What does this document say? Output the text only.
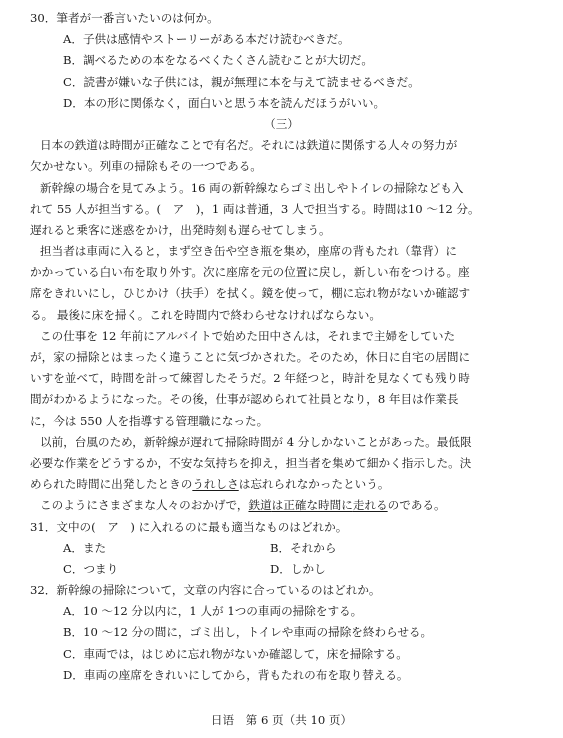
30．筆者が一番言いたいのは何か。
A．子供は感情やストーリーがある本だけ読むべきだ。
B．調べるための本をなるべくたくさん読むことが大切だ。
C．読書が嫌いな子供には，親が無理に本を与えて読ませるべきだ。
D．本の形に関係なく，面白いと思う本を読んだほうがいい。
（三）
日本の鉄道は時間が正確なことで有名だ。それには鉄道に関係する人々の努力が
欠かせない。列車の掃除もその一つである。
新幹線の場合を見てみよう。16 両の新幹線ならゴミ出しやトイレの掃除なども入
れて 55 人が担当する。(　ア　)，1 両は普通，3 人で担当する。時間は10 〜12 分。
遅れると乗客に迷惑をかけ，出発時刻も遅らせてしまう。
担当者は車両に入ると，まず空き缶や空き瓶を集め，座席の背もたれ（靠背）に
かかっている白い布を取り外す。次に座席を元の位置に戻し，新しい布をつける。座
席をきれいにし，ひじかけ（扶手）を拭く。鏡を使って，棚に忘れ物がないか確認す
る。 最後に床を掃く。これを時間内で終わらせなければならない。
この仕事を 12 年前にアルバイトで始めた田中さんは，それまで主婦をしていた
が，家の掃除とはまったく違うことに気づかされた。そのため，休日に自宅の居間に
いすを並べて，時間を計って練習したそうだ。2 年経つと，時計を見なくても残り時
間がわかるようになった。その後，仕事が認められて社員となり，8 年目は作業長
に，今は 550 人を指導する管理職になった。
以前，台風のため，新幹線が遅れて掃除時間が 4 分しかないことがあった。最低限
必要な作業をどうするか，不安な気持ちを抑え，担当者を集めて細かく指示した。決
められた時間に出発したときのうれしさは忘れられなかったという。
このようにさまざまな人々のおかげで，鉄道は正確な時間に走れるのである。
31．文中の(　ア　) に入れるのに最も適当なものはどれか。
A．また	B．それから
C．つまり	D．しかし
32．新幹線の掃除について，文章の内容に合っているのはどれか。
A．10 〜12 分以内に，1 人が 1つの車両の掃除をする。
B．10 〜12 分の間に，ゴミ出し，トイレや車両の掃除を終わらせる。
C．車両では，はじめに忘れ物がないか確認して，床を掃除する。
D．車両の座席をきれいにしてから，背もたれの布を取り替える。
日语　第 6 页（共 10 页）
